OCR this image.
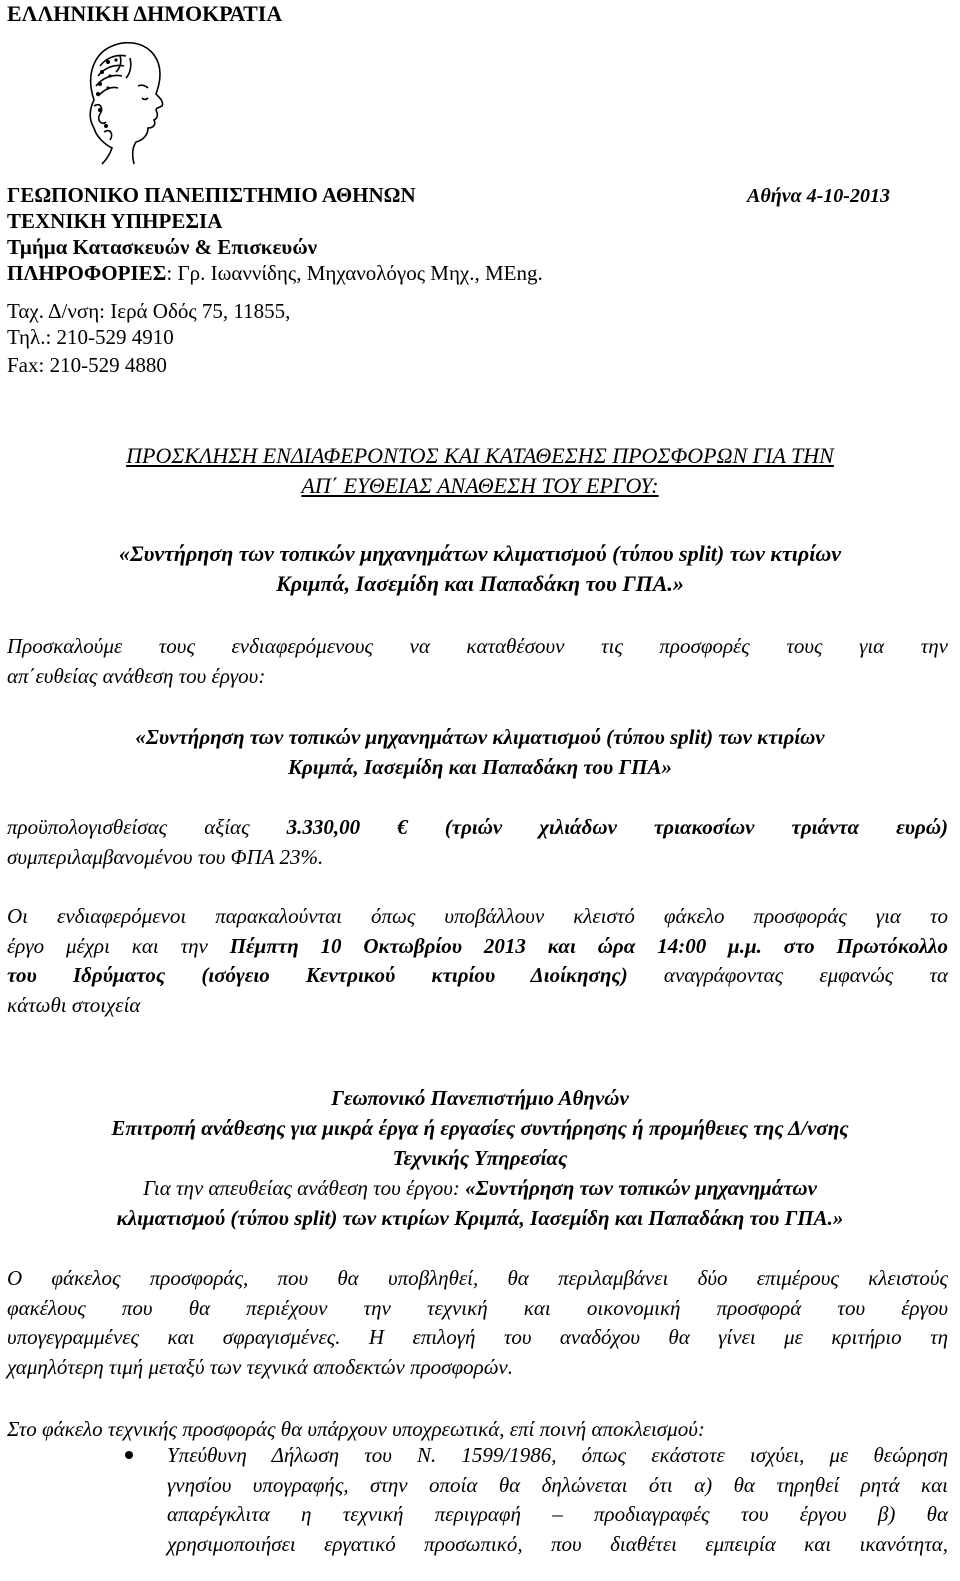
ΕΛΛΗΝΙΚΗ ΔΗΜΟΚΡΑΤΙΑ
ΓΕΩΠΟΝΙΚΟ ΠΑΝΕΠΙΣΤΗΜΙΟ ΑΘΗΝΩΝ	Αθήνα 4-10-2013
ΤΕΧΝΙΚΗ ΥΠΗΡΕΣΙΑ
Τμήμα Κατασκευών & Επισκευών
ΠΛΗΡΟΦΟΡΙΕΣ: Γρ. Ιωαννίδης, Μηχανολόγος Μηχ., MEng.
Ταχ. Δ/νση: Ιερά Οδός 75, 11855,
Τηλ.: 210-529 4910
Fax: 210-529 4880
ΠΡΟΣΚΛΗΣΗ ΕΝΔΙΑΦΕΡΟΝΤΟΣ ΚΑΙ ΚΑΤΑΘΕΣΗΣ ΠΡΟΣΦΟΡΩΝ ΓΙΑ ΤΗΝ
ΑΠ΄ ΕΥΘΕΙΑΣ ΑΝΑΘΕΣΗ ΤΟΥ ΕΡΓΟΥ:
«Συντήρηση των τοπικών μηχανημάτων κλιματισμού (τύπου split) των κτιρίων
Κριμπά, Ιασεμίδη και Παπαδάκη του ΓΠΑ.»
Προσκαλούμε τους ενδιαφερόμενους να καταθέσουν τις προσφορές τους για την
απ΄ευθείας ανάθεση του έργου:
«Συντήρηση των τοπικών μηχανημάτων κλιματισμού (τύπου split) των κτιρίων
Κριμπά, Ιασεμίδη και Παπαδάκη του ΓΠΑ»
προϋπολογισθείσας αξίας 3.330,00 € (τριών χιλιάδων τριακοσίων τριάντα ευρώ)
συμπεριλαμβανομένου του ΦΠΑ 23%.
Οι ενδιαφερόμενοι παρακαλούνται όπως υποβάλλουν κλειστό φάκελο προσφοράς για το
έργο μέχρι και την Πέμπτη 10 Οκτωβρίου 2013 και ώρα 14:00 μ.μ. στο Πρωτόκολλο
του Ιδρύματος (ισόγειο Κεντρικού κτιρίου Διοίκησης) αναγράφοντας εμφανώς τα
κάτωθι στοιχεία
Γεωπονικό Πανεπιστήμιο Αθηνών
Επιτροπή ανάθεσης για μικρά έργα ή εργασίες συντήρησης ή προμήθειες της Δ/νσης
Τεχνικής Υπηρεσίας
Για την απευθείας ανάθεση του έργου: «Συντήρηση των τοπικών μηχανημάτων
κλιματισμού (τύπου split) των κτιρίων Κριμπά, Ιασεμίδη και Παπαδάκη του ΓΠΑ.»
Ο φάκελος προσφοράς, που θα υποβληθεί, θα περιλαμβάνει δύο επιμέρους κλειστούς
φακέλους που θα περιέχουν την τεχνική και οικονομική προσφορά του έργου
υπογεγραμμένες και σφραγισμένες. Η επιλογή του αναδόχου θα γίνει με κριτήριο τη
χαμηλότερη τιμή μεταξύ των τεχνικά αποδεκτών προσφορών.
Στο φάκελο τεχνικής προσφοράς θα υπάρχουν υποχρεωτικά, επί ποινή αποκλεισμού:
Υπεύθυνη Δήλωση του Ν. 1599/1986, όπως εκάστοτε ισχύει, με θεώρηση
γνησίου υπογραφής, στην οποία θα δηλώνεται ότι α) θα τηρηθεί ρητά και
απαρέγκλιτα η τεχνική περιγραφή – προδιαγραφές του έργου β) θα
χρησιμοποιήσει εργατικό προσωπικό, που διαθέτει εμπειρία και ικανότητα,
